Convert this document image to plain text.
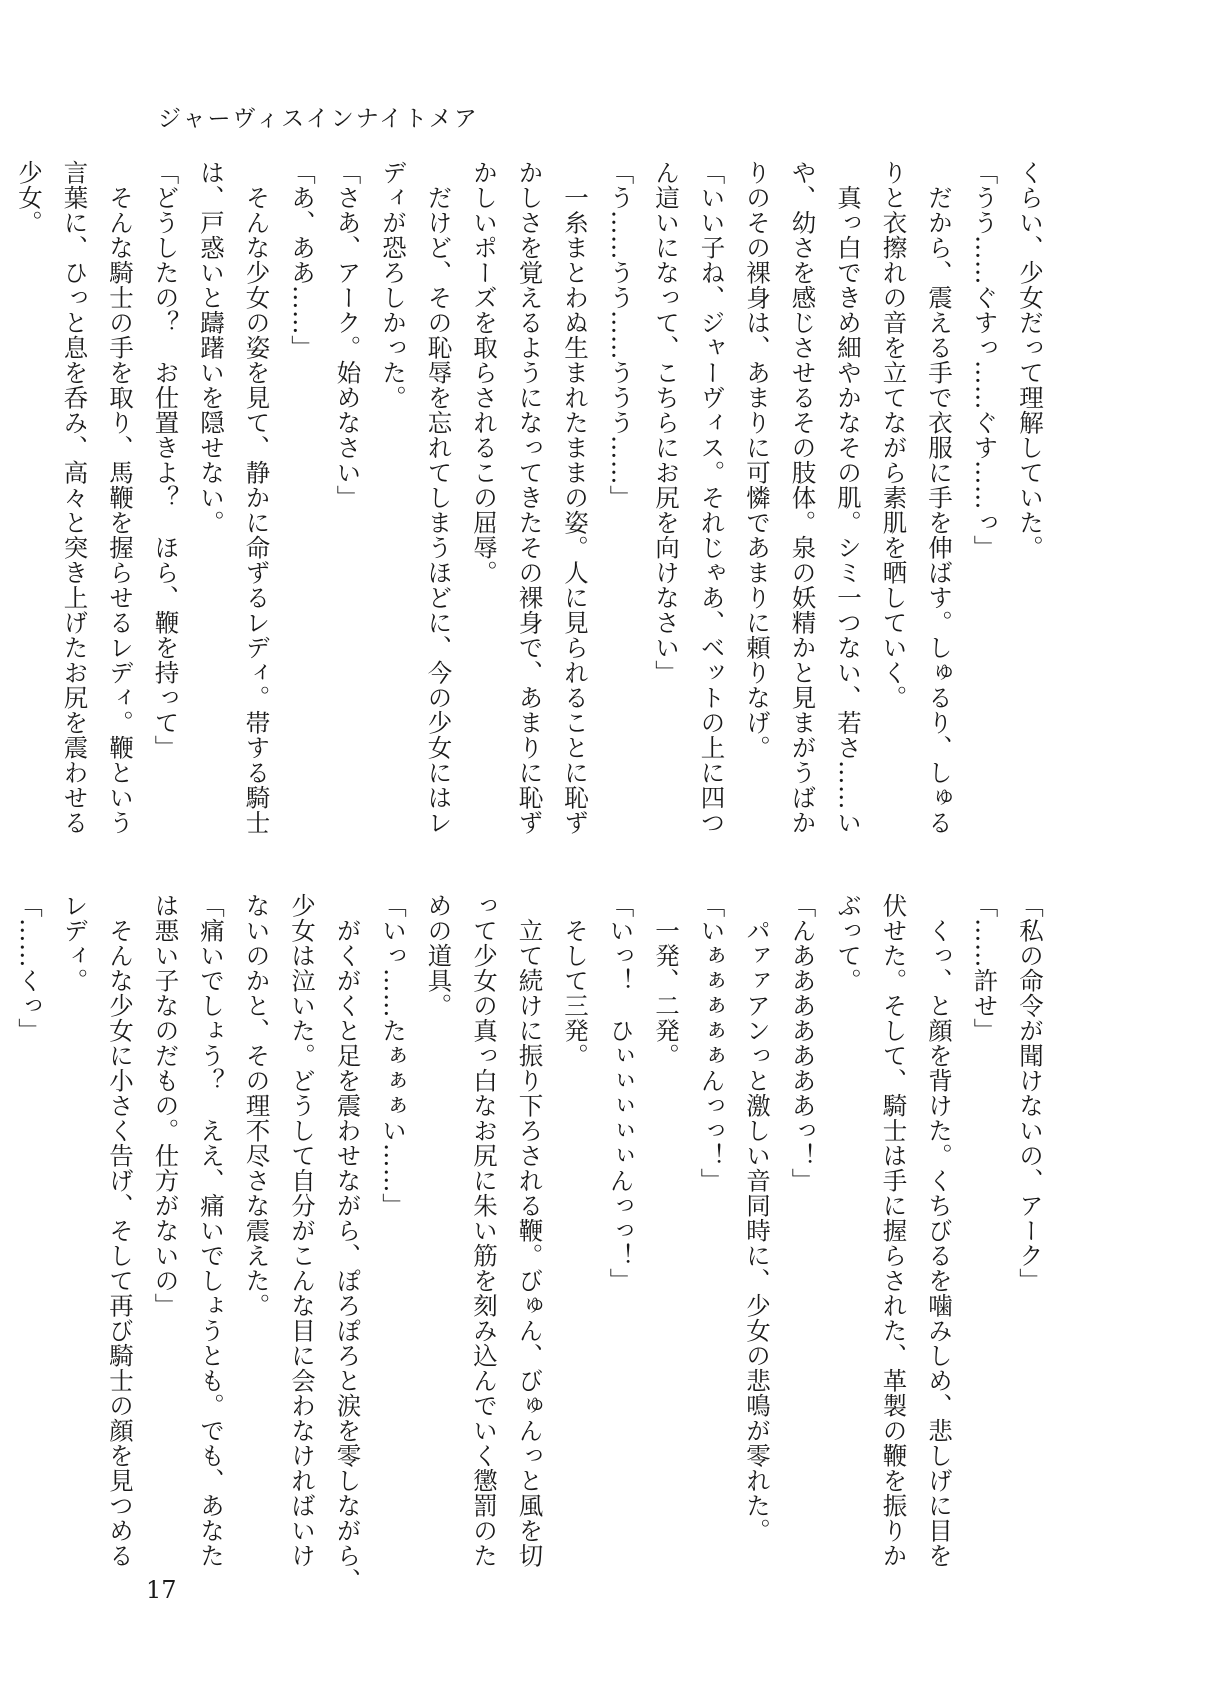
ジャーヴィスインナイトメア
くらい、少女だって理解していた。
「うう……ぐすっ……ぐす……っ」
　だから、震える手で衣服に手を伸ばす。しゅるり、しゅる
りと衣擦れの音を立てながら素肌を晒していく。
　真っ白できめ細やかなその肌。シミ一つない、若さ……い
や、幼さを感じさせるその肢体。泉の妖精かと見まがうばか
りのその裸身は、あまりに可憐であまりに頼りなげ。
「いい子ね、ジャーヴィス。それじゃあ、ベットの上に四つ
ん這いになって、こちらにお尻を向けなさい」
「う……うう……ううう……」
　一糸まとわぬ生まれたままの姿。人に見られることに恥ず
かしさを覚えるようになってきたその裸身で、あまりに恥ず
かしいポーズを取らされるこの屈辱。
　だけど、その恥辱を忘れてしまうほどに、今の少女にはレ
ディが恐ろしかった。
「さあ、アーク。始めなさい」
「あ、ああ……」
　そんな少女の姿を見て、静かに命ずるレディ。帯する騎士
は、戸惑いと躊躇いを隠せない。
「どうしたの？　お仕置きよ？　ほら、鞭を持って」
　そんな騎士の手を取り、馬鞭を握らせるレディ。鞭という
言葉に、ひっと息を呑み、高々と突き上げたお尻を震わせる
少女。
「私の命令が聞けないの、アーク」
「……許せ」
　くっ、と顔を背けた。くちびるを噛みしめ、悲しげに目を
伏せた。そして、騎士は手に握らされた、革製の鞭を振りか
ぶって。
「んあああああああっ！」
　パァァアンっと激しい音同時に、少女の悲鳴が零れた。
「いぁぁぁぁぁんっっ！」
　一発、二発。
「いっ！　ひぃぃぃぃぃんっっ！」
　そして三発。
　立て続けに振り下ろされる鞭。びゅん、びゅんっと風を切
って少女の真っ白なお尻に朱い筋を刻み込んでいく懲罰のた
めの道具。
「いっ……たぁぁぁい……」
　がくがくと足を震わせながら、ぽろぽろと涙を零しながら、
少女は泣いた。どうして自分がこんな目に会わなければいけ
ないのかと、その理不尽さな震えた。
「痛いでしょう？　ええ、痛いでしょうとも。でも、あなた
は悪い子なのだもの。仕方がないの」
　そんな少女に小さく告げ、そして再び騎士の顔を見つめる
レディ。
「……くっ」
17
